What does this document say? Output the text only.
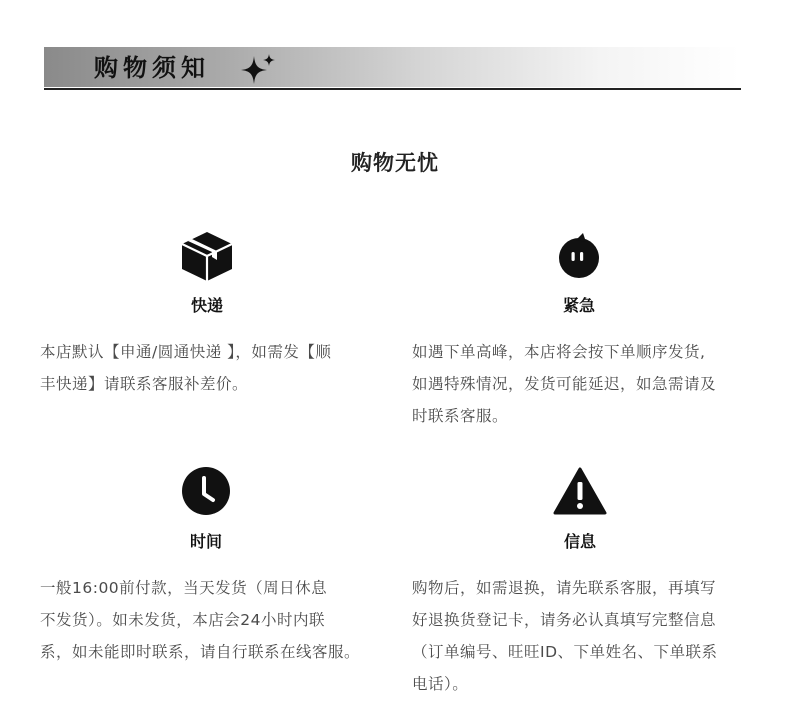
购物须知
购物无忧
快递

本店默认【申通/圆通快递 】，如需发【顺

丰快递】请联系客服补差价。

紧急

如遇下单高峰，本店将会按下单顺序发货,

如遇特殊情况，发货可能延迟，如急需请及

时联系客服。

时间

一般16:00前付款，当天发货（周日休息

不发货）。如未发货，本店会24小时内联

系，如未能即时联系，请自行联系在线客服。

信息

购物后，如需退换，请先联系客服，再填写

好退换货登记卡，请务必认真填写完整信息

（订单编号、旺旺ID、下单姓名、下单联系

电话）。
